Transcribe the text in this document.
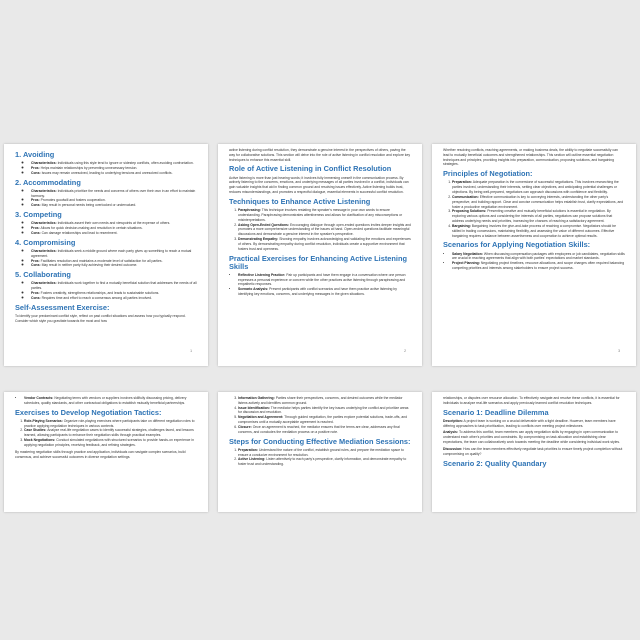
1. Avoiding
◦ Characteristics: Individuals using this style tend to ignore or sidestep conflicts, often avoiding confrontation.
◦ Pros: Helps maintain relationships by preventing unnecessary tension.
◦ Cons: Issues may remain unresolved, leading to underlying tensions and unresolved conflicts.
2. Accommodating
◦ Characteristics: Individuals prioritize the needs and concerns of others over their own in an effort to maintain harmony.
◦ Pros: Promotes goodwill and fosters cooperation.
◦ Cons: May result in personal needs being overlooked or undervalued.
3. Competing
◦ Characteristics: Individuals assert their own needs and viewpoints at the expense of others.
◦ Pros: Allows for quick decision-making and resolution in certain situations.
◦ Cons: Can damage relationships and lead to resentment.
4. Compromising
◦ Characteristics: Individuals seek a middle ground where each party gives up something to reach a mutual agreement.
◦ Pros: Facilitates resolution and maintains a moderate level of satisfaction for all parties.
◦ Cons: May result in neither party fully achieving their desired outcome.
5. Collaborating
◦ Characteristics: Individuals work together to find a mutually beneficial solution that addresses the needs of all parties.
◦ Pros: Fosters creativity, strengthens relationships, and leads to sustainable solutions.
◦ Cons: Requires time and effort to reach a consensus among all parties involved.
Self-Assessment Exercise:

To identify your predominant conflict style, reflect on past conflict situations and assess how you typically respond. Consider which style you gravitate towards the most and how

1

active listening during conflict resolution, they demonstrate a genuine interest in the perspectives of others, paving the way for collaborative solutions. This section will delve into the role of active listening in conflict resolution and explore key techniques to enhance this essential skill.

Role of Active Listening in Conflict Resolution

Active listening is more than just hearing words; it involves fully immersing oneself in the communication process. By actively listening to the concerns, emotions, and underlying messages of all parties involved in a conflict, individuals can gain valuable insights that aid in finding common ground and resolving issues effectively. Active listening builds trust, reduces misunderstandings, and promotes a respectful dialogue, essential elements in successful conflict resolution.

Techniques to Enhance Active Listening
1. Paraphrasing: This technique involves restating the speaker's message in your own words to ensure understanding. Paraphrasing demonstrates attentiveness and allows for clarification of any misconceptions or misinterpretations.
2. Asking Open-Ended Questions: Encouraging dialogue through open-ended questions invites deeper insights and promotes a more comprehensive understanding of the issues at hand. Open-ended questions facilitate meaningful discussions and demonstrate a genuine interest in the speaker's perspective.
3. Demonstrating Empathy: Showing empathy involves acknowledging and validating the emotions and experiences of others. By demonstrating empathy during conflict resolution, individuals create a supportive environment that fosters trust and openness.
Practical Exercises for Enhancing Active Listening Skills
• Reflective Listening Practice: Pair up participants and have them engage in a conversation where one person expresses a personal experience or concern while the other practices active listening through paraphrasing and empathetic responses.
• Scenario Analysis: Present participants with conflict scenarios and have them practice active listening by identifying key emotions, concerns, and underlying messages in the given situations.
2

Whether resolving conflicts, reaching agreements, or making business deals, the ability to negotiate successfully can lead to mutually beneficial outcomes and strengthened relationships. This section will outline essential negotiation techniques and principles, providing insights into preparation, communication, proposing solutions, and bargaining strategies.

Principles of Negotiation:
1. Preparation: Adequate preparation is the cornerstone of successful negotiations. This involves researching the parties involved, understanding their interests, setting clear objectives, and anticipating potential challenges or objections. By being well-prepared, negotiators can approach discussions with confidence and flexibility.
2. Communication: Effective communication is key to conveying interests, understanding the other party's perspective, and building rapport. Clear and concise communication helps establish trust, clarify expectations, and foster a productive negotiation environment.
3. Proposing Solutions: Presenting creative and mutually beneficial solutions is essential in negotiation. By exploring various options and considering the interests of all parties, negotiators can propose solutions that address underlying needs and priorities, increasing the chances of reaching a satisfactory agreement.
4. Bargaining: Bargaining involves the give-and-take process of reaching a compromise. Negotiators should be skilled in trading concessions, maintaining flexibility, and assessing the value of different outcomes. Effective bargaining requires a balance between assertiveness and cooperation to achieve optimal results.
Scenarios for Applying Negotiation Skills:
• Salary Negotiation: When discussing compensation packages with employees or job candidates, negotiation skills are crucial in reaching agreements that align with both parties' expectations and market standards.
• Project Planning: Negotiating project timelines, resource allocations, and scope changes often required balancing competing priorities and interests among stakeholders to ensure project success.
3
• Vendor Contracts: Negotiating terms with vendors or suppliers involves skillfully discussing pricing, delivery schedules, quality standards, and other contractual obligations to establish mutually beneficial partnerships.
Exercises to Develop Negotiation Tactics:
1. Role-Playing Scenarios: Organize role-playing exercises where participants take on different negotiation roles to practice applying negotiation techniques in various contexts.
2. Case Studies: Analyze real-life negotiation cases to identify successful strategies, challenges faced, and lessons learned, allowing participants to enhance their negotiation skills through practical examples.
3. Mock Negotiations: Conduct simulated negotiations with structured scenarios to provide hands-on experience in applying negotiation principles, receiving feedback, and refining strategies.

By mastering negotiation skills through practice and application, individuals can navigate complex scenarios, build consensus, and achieve successful outcomes in diverse negotiation settings.

3. Information Gathering: Parties share their perspectives, concerns, and desired outcomes while the mediator listens actively and identifies common ground.
4. Issue Identification: The mediator helps parties identify the key issues underlying the conflict and prioritize areas for discussion and resolution.
5. Negotiation and Agreement: Through guided negotiation, the parties explore potential solutions, trade-offs, and compromises until a mutually acceptable agreement is reached.
6. Closure: Once an agreement is reached, the mediator ensures that the terms are clear, addresses any final concerns, and concludes the mediation process on a positive note.
Steps for Conducting Effective Mediation Sessions:
1. Preparation: Understand the nature of the conflict, establish ground rules, and prepare the mediation space to ensure a conducive environment for resolution.
2. Active Listening: Listen attentively to each party's perspective, clarify information, and demonstrate empathy to foster trust and understanding.

relationships, or disputes over resource allocation. To effectively navigate and resolve these conflicts, it is essential for individuals to analyze real-life scenarios and apply previously learned conflict resolution techniques.

Scenario 1: Deadline Dilemma

Description: A project team is working on a crucial deliverable with a tight deadline. However, team members have differing approaches to task prioritization, leading to conflicts over meeting project milestones.

Analysis: To address this conflict, team members can apply negotiation skills by engaging in open communication to understand each other's priorities and constraints. By compromising on task allocation and establishing clear expectations, the team can collaboratively work towards meeting the deadline while considering individual work styles.

Discussion: How can the team members effectively negotiate task priorities to ensure timely project completion without compromising on quality?

Scenario 2: Quality Quandary
